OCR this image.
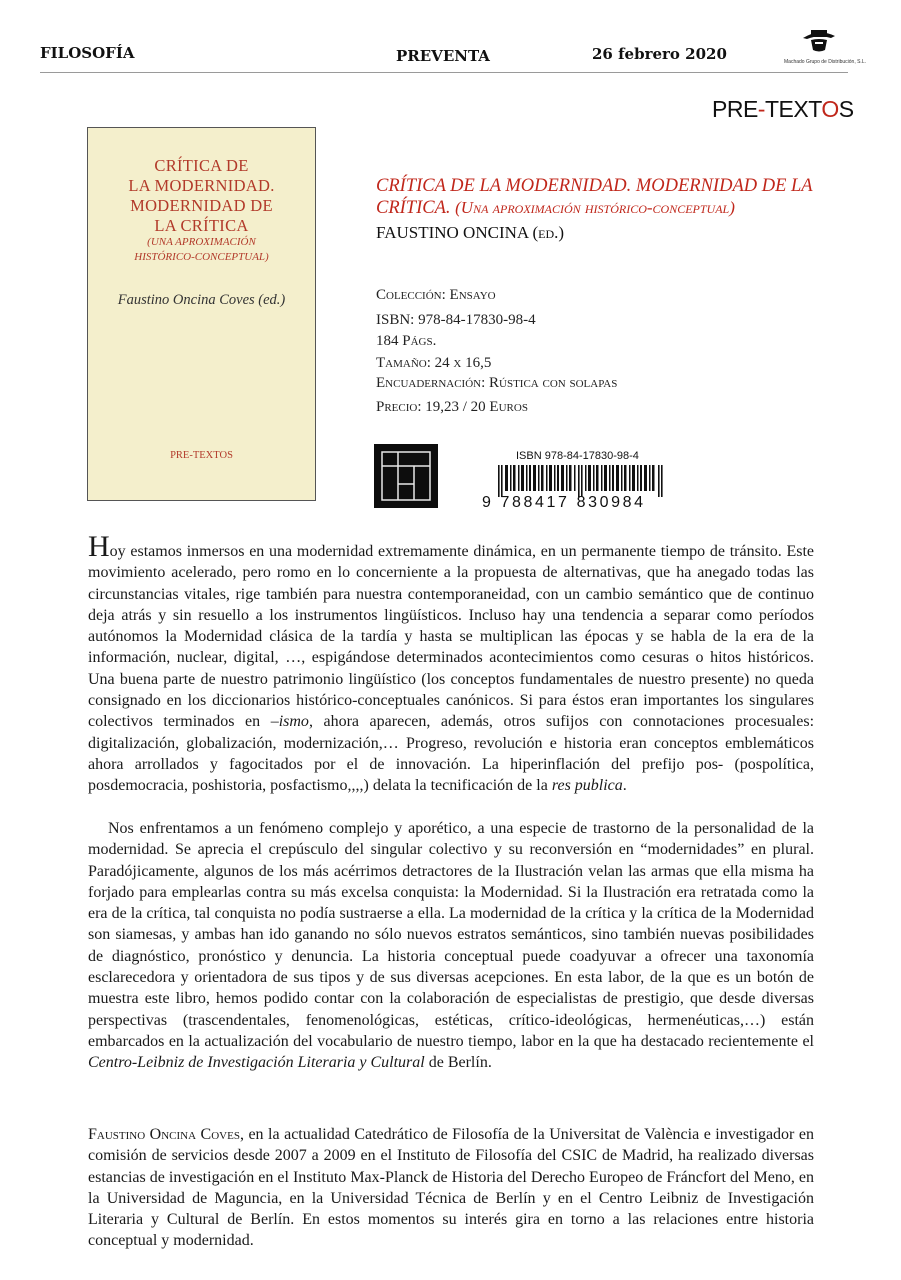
FILOSOFÍA	PREVENTA	26 febrero 2020	Machado Grupo de Distribución, S.L.
PRE-TEXTOS
CRÍTICA DE
LA MODERNIDAD.
MODERNIDAD DE
LA CRÍTICA
(UNA APROXIMACIÓN
HISTÓRICO-CONCEPTUAL)
Faustino Oncina Coves (ed.)
PRE-TEXTOS
CRÍTICA DE LA MODERNIDAD. MODERNIDAD DE LA CRÍTICA. (Una aproximación histórico-conceptual)
FAUSTINO ONCINA (ed.)
Colección: Ensayo
ISBN: 978-84-17830-98-4
184 Págs.
Tamaño: 24 x 16,5
Encuadernación: Rústica con solapas
Precio: 19,23 / 20 Euros
ISBN 978-84-17830-98-4
9 788417 830984
Hoy estamos inmersos en una modernidad extremamente dinámica, en un permanente tiempo de tránsito. Este movimiento acelerado, pero romo en lo concerniente a la propuesta de alternativas, que ha anegado todas las circunstancias vitales, rige también para nuestra contemporaneidad, con un cambio semántico que de continuo deja atrás y sin resuello a los instrumentos lingüísticos. Incluso hay una tendencia a separar como períodos autónomos la Modernidad clásica de la tardía y hasta se multiplican las épocas y se habla de la era de la información, nuclear, digital, …, espigándose determinados acontecimientos como cesuras o hitos históricos. Una buena parte de nuestro patrimonio lingüístico (los conceptos fundamentales de nuestro presente) no queda consignado en los diccionarios histórico-conceptuales canónicos. Si para éstos eran importantes los singulares colectivos terminados en –ismo, ahora aparecen, además, otros sufijos con connotaciones procesuales: digitalización, globalización, modernización,… Progreso, revolución e historia eran conceptos emblemáticos ahora arrollados y fagocitados por el de innovación. La hiperinflación del prefijo pos- (pospolítica, posdemocracia, poshistoria, posfactismo,,,,) delata la tecnificación de la res publica.
Nos enfrentamos a un fenómeno complejo y aporético, a una especie de trastorno de la personalidad de la modernidad. Se aprecia el crepúsculo del singular colectivo y su reconversión en “modernidades” en plural. Paradójicamente, algunos de los más acérrimos detractores de la Ilustración velan las armas que ella misma ha forjado para emplearlas contra su más excelsa conquista: la Modernidad. Si la Ilustración era retratada como la era de la crítica, tal conquista no podía sustraerse a ella. La modernidad de la crítica y la crítica de la Modernidad son siamesas, y ambas han ido ganando no sólo nuevos estratos semánticos, sino también nuevas posibilidades de diagnóstico, pronóstico y denuncia. La historia conceptual puede coadyuvar a ofrecer una taxonomía esclarecedora y orientadora de sus tipos y de sus diversas acepciones. En esta labor, de la que es un botón de muestra este libro, hemos podido contar con la colaboración de especialistas de prestigio, que desde diversas perspectivas (trascendentales, fenomenológicas, estéticas, crítico-ideológicas, hermenéuticas,…) están embarcados en la actualización del vocabulario de nuestro tiempo, labor en la que ha destacado recientemente el Centro-Leibniz de Investigación Literaria y Cultural de Berlín.
Faustino Oncina Coves, en la actualidad Catedrático de Filosofía de la Universitat de València e investigador en comisión de servicios desde 2007 a 2009 en el Instituto de Filosofía del CSIC de Madrid, ha realizado diversas estancias de investigación en el Instituto Max-Planck de Historia del Derecho Europeo de Fráncfort del Meno, en la Universidad de Maguncia, en la Universidad Técnica de Berlín y en el Centro Leibniz de Investigación Literaria y Cultural de Berlín. En estos momentos su interés gira en torno a las relaciones entre historia conceptual y modernidad.
